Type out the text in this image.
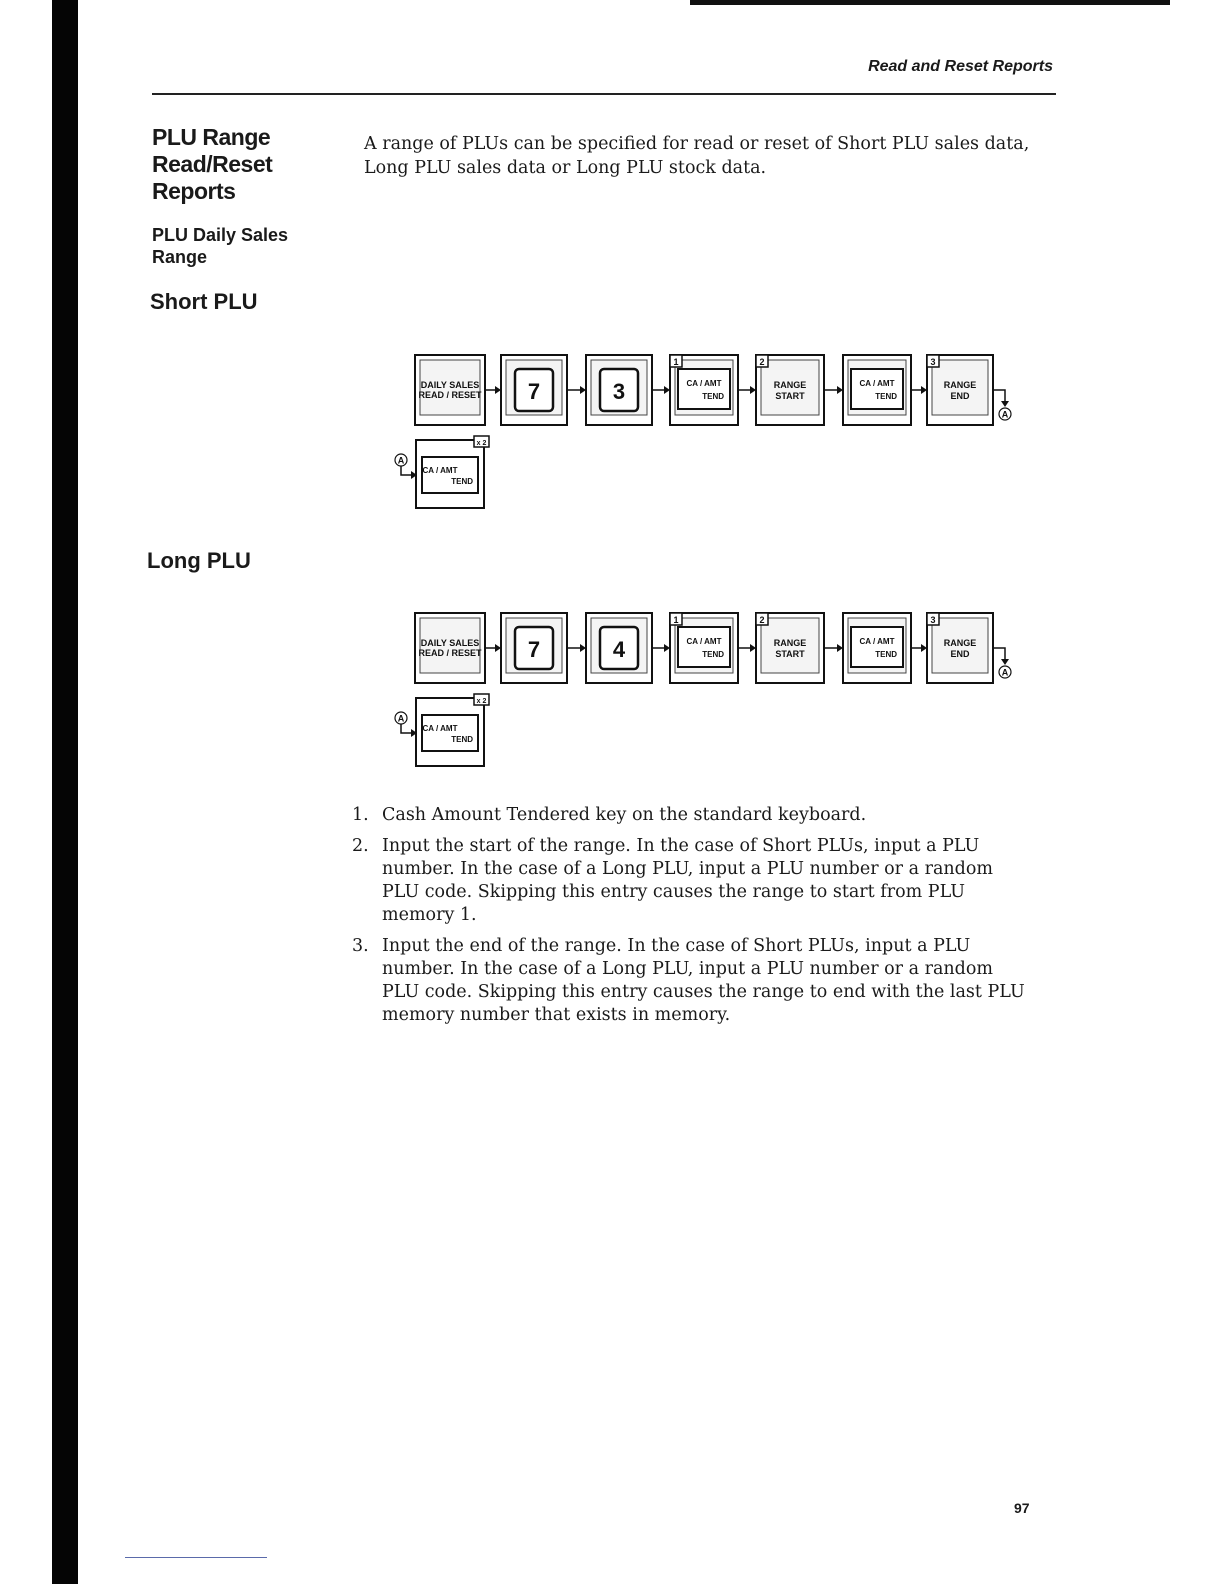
Read and Reset Reports
PLU Range
Read/Reset
Reports
PLU Daily Sales
Range

A range of PLUs can be specified for read or reset of Short PLU sales data, Long PLU sales data or Long PLU stock data.

Short PLU
DAILY SALES
READ / RESET 7	3	CA / AMT
TEND
1
RANGE
START
2
CA / AMT
TEND
RANGE
END
3
A
A
CA / AMT
TEND
x 2
Long PLU
DAILY SALES
READ / RESET 7	4	CA / AMT
TEND
1
RANGE
START
2
CA / AMT
TEND
RANGE
END
3
A
A
CA / AMT
TEND
x 2
1. Cash Amount Tendered key on the standard keyboard.
2. Input the start of the range. In the case of Short PLUs, input a PLU
number. In the case of a Long PLU, input a PLU number or a random
PLU code. Skipping this entry causes the range to start from PLU
memory 1.
3. Input the end of the range. In the case of Short PLUs, input a PLU
number. In the case of a Long PLU, input a PLU number or a random
PLU code. Skipping this entry causes the range to end with the last PLU
memory number that exists in memory.
97
